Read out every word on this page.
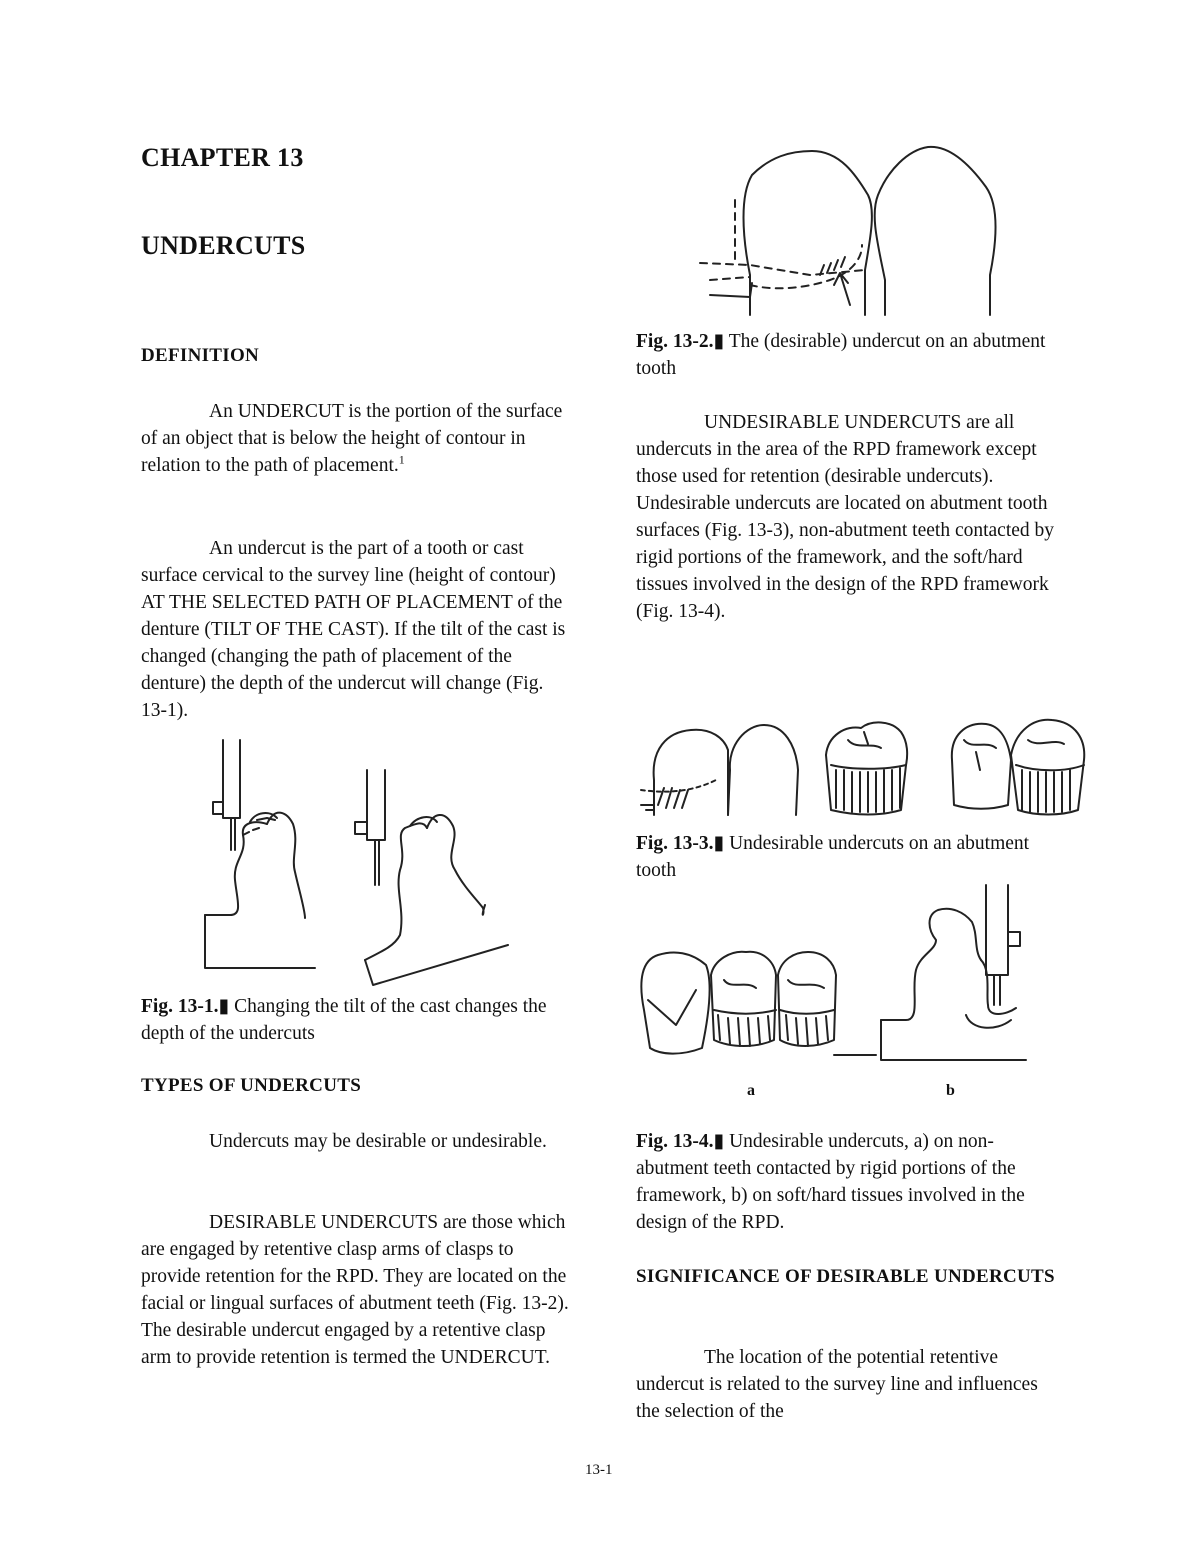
CHAPTER 13
UNDERCUTS
DEFINITION
An UNDERCUT is the portion of the surface of an object that is below the height of contour in relation to the path of placement.$^1$
An undercut is the part of a tooth or cast surface cervical to the survey line (height of contour) AT THE SELECTED PATH OF PLACEMENT of the denture (TILT OF THE CAST). If the tilt of the cast is changed (changing the path of placement of the denture) the depth of the undercut will change (Fig. 13-1).
Fig. 13-1.▮ Changing the tilt of the cast changes the depth of the undercuts
TYPES OF UNDERCUTS
Undercuts may be desirable or undesirable.
DESIRABLE UNDERCUTS are those which are engaged by retentive clasp arms of clasps to provide retention for the RPD. They are located on the facial or lingual surfaces of abutment teeth (Fig. 13-2). The desirable undercut engaged by a retentive clasp arm to provide retention is termed the UNDERCUT.
Fig. 13-2.▮ The (desirable) undercut on an abutment tooth
UNDESIRABLE UNDERCUTS are all undercuts in the area of the RPD framework except those used for retention (desirable undercuts). Undesirable undercuts are located on abutment tooth surfaces (Fig. 13-3), non-abutment teeth contacted by rigid portions of the framework, and the soft/hard tissues involved in the design of the RPD framework (Fig. 13-4).
Fig. 13-3.▮ Undesirable undercuts on an abutment tooth
a	b
Fig. 13-4.▮ Undesirable undercuts, a) on non-abutment teeth contacted by rigid portions of the framework, b) on soft/hard tissues involved in the design of the RPD.
SIGNIFICANCE OF DESIRABLE UNDERCUTS
The location of the potential retentive undercut is related to the survey line and influences the selection of the
13-1
